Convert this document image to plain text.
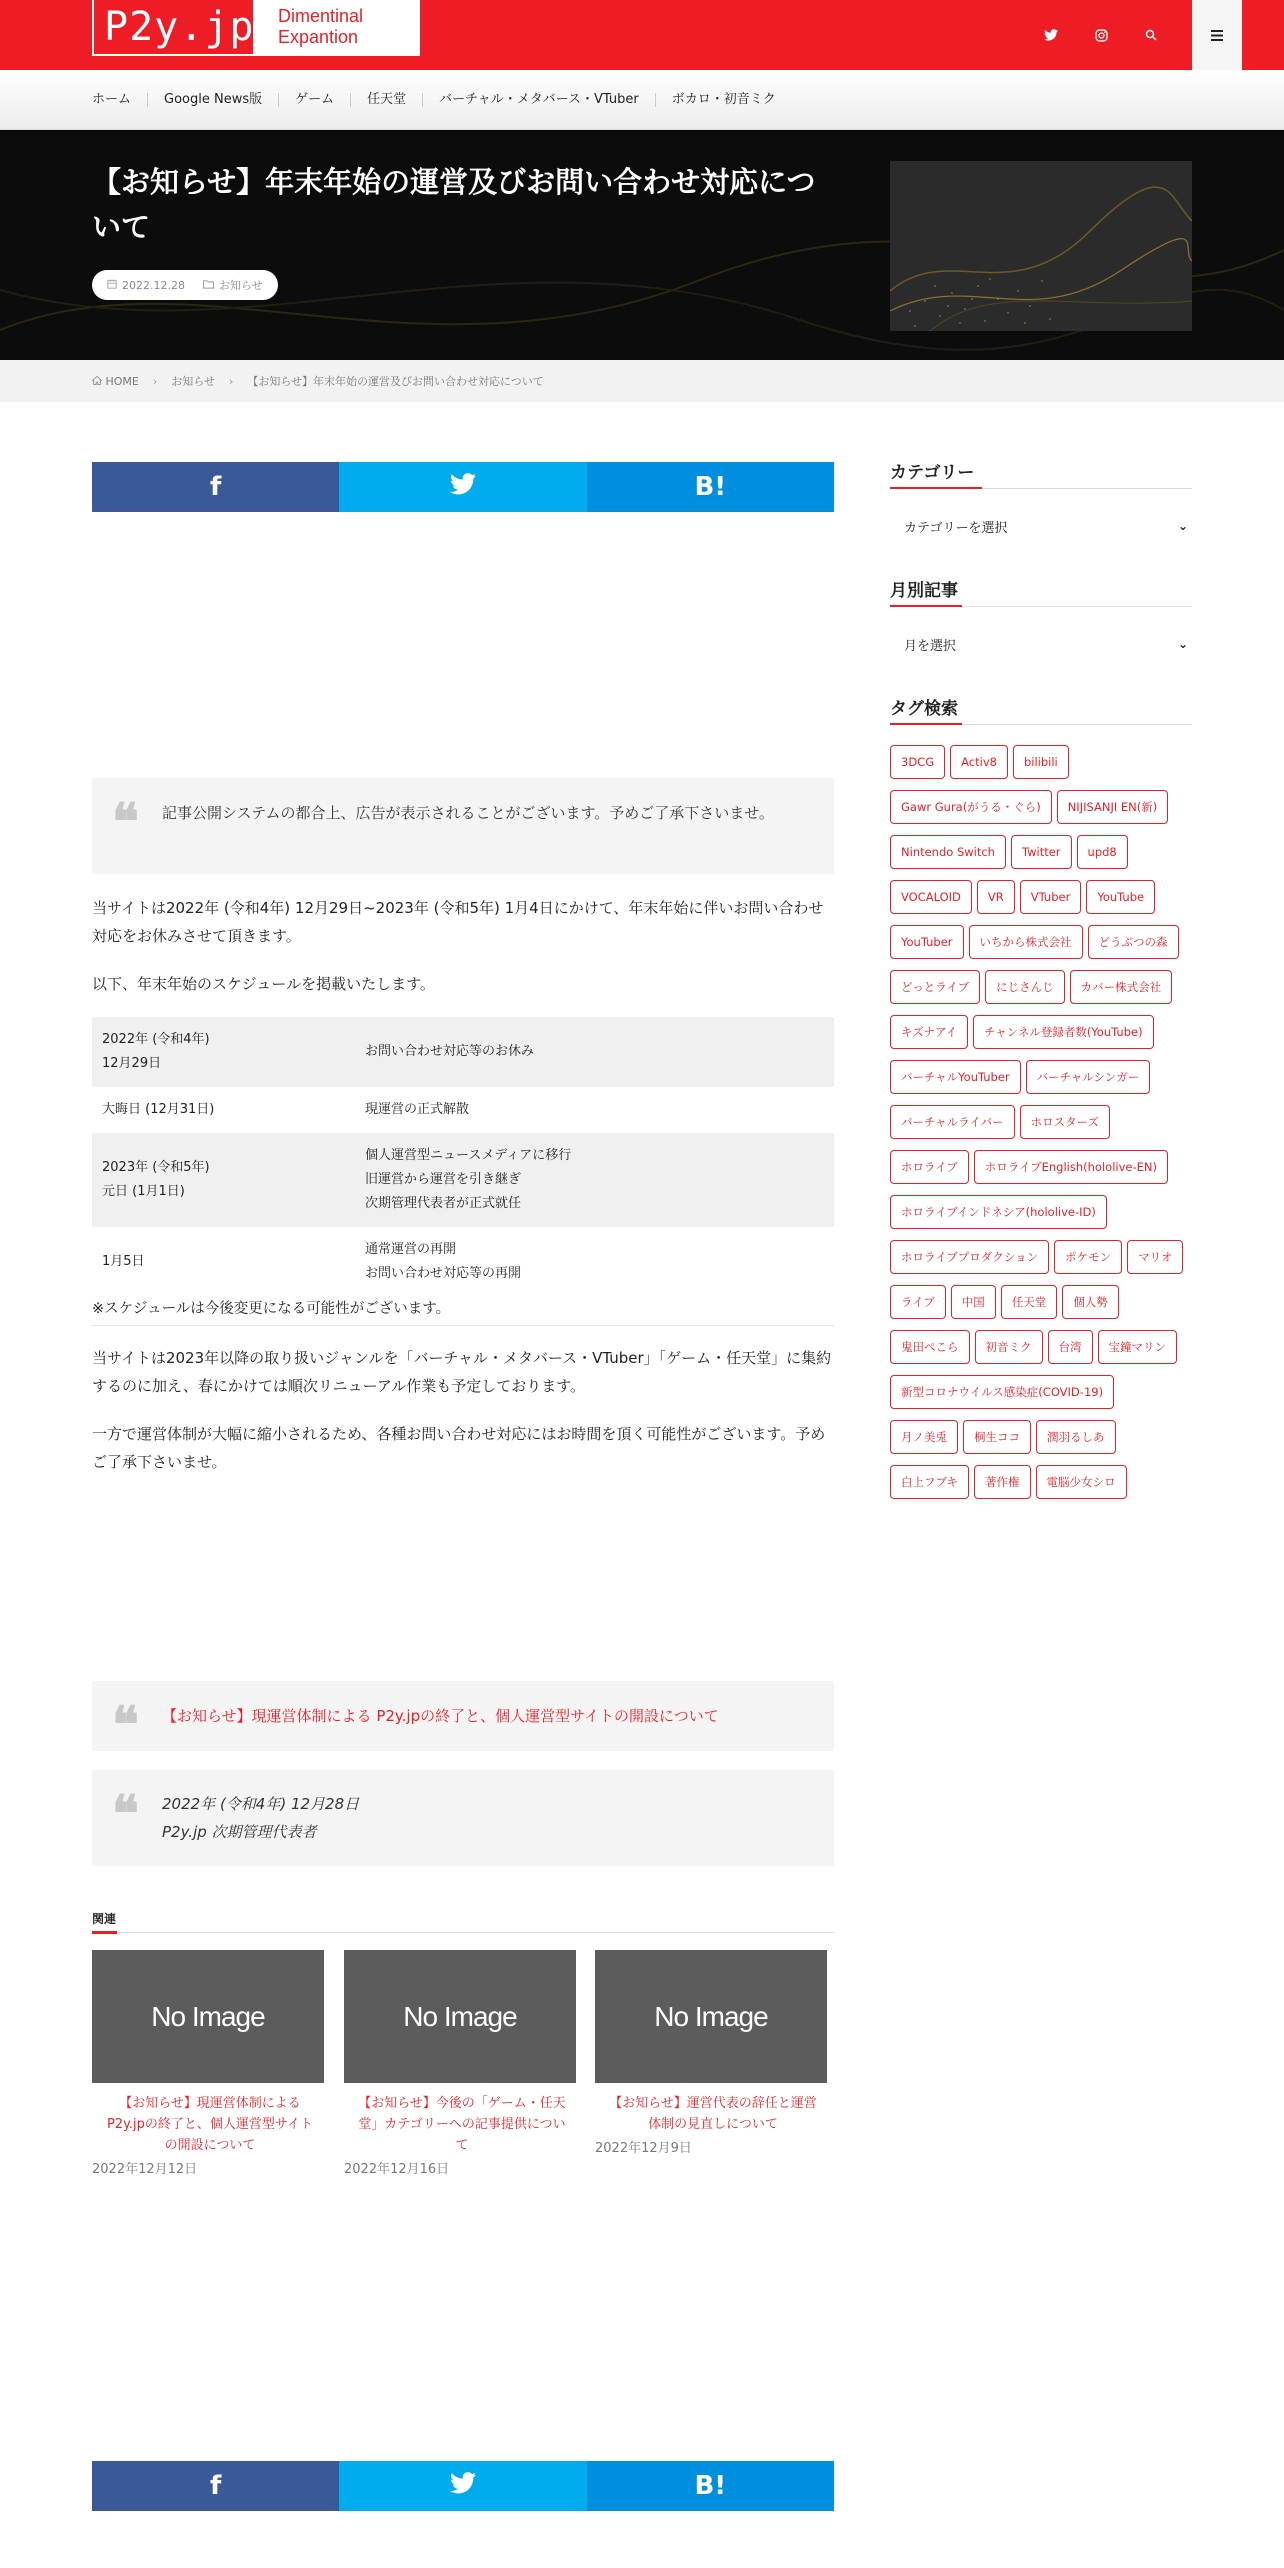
P2y.jp Dimentinal
Expantion
ホーム	Google News版	ゲーム	任天堂	バーチャル・メタバース・VTuber	ボカロ・初音ミク
【お知らせ】年末年始の運営及びお問い合わせ対応について
2022.12.28	お知らせ
HOME › お知らせ › 【お知らせ】年末年始の運営及びお問い合わせ対応について
f	B!
❝ 記事公開システムの都合上、広告が表示されることがございます。予めご了承下さいませ。

当サイトは2022年 (令和4年) 12月29日~2023年 (令和5年) 1月4日にかけて、年末年始に伴いお問い合わせ対応をお休みさせて頂きます。

以下、年末年始のスケジュールを掲載いたします。

2022年 (令和4年)
12月29日	お問い合わせ対応等のお休み
大晦日 (12月31日)	現運営の正式解散
2023年 (令和5年)
元日 (1月1日)	個人運営型ニュースメディアに移行
旧運営から運営を引き継ぎ
次期管理代表者が正式就任
1月5日	通常運営の再開
お問い合わせ対応等の再開

※スケジュールは今後変更になる可能性がございます。

当サイトは2023年以降の取り扱いジャンルを「バーチャル・メタバース・VTuber」「ゲーム・任天堂」に集約するのに加え、春にかけては順次リニューアル作業も予定しております。

一方で運営体制が大幅に縮小されるため、各種お問い合わせ対応にはお時間を頂く可能性がございます。予めご了承下さいませ。

❝ 【お知らせ】現運営体制による P2y.jpの終了と、個人運営型サイトの開設について
❝ 2022年 (令和4年) 12月28日
P2y.jp 次期管理代表者
関連
No Image
【お知らせ】現運営体制による P2y.jpの終了と、個人運営型サイトの開設について
2022年12月12日
No Image
【お知らせ】今後の「ゲーム・任天堂」カテゴリーへの記事提供について
2022年12月16日
No Image
【お知らせ】運営代表の辞任と運営体制の見直しについて
2022年12月9日
f	B!
カテゴリー
カテゴリーを選択	⌄
月別記事
月を選択	⌄
タグ検索
3DCG	Activ8	bilibili
Gawr Gura(がうる・ぐら)	NIJISANJI EN(新)
Nintendo Switch	Twitter	upd8
VOCALOID	VR	VTuber	YouTube
YouTuber	いちから株式会社	どうぶつの森
どっとライブ	にじさんじ	カバー株式会社
キズナアイ	チャンネル登録者数(YouTube)
バーチャルYouTuber	バーチャルシンガー
バーチャルライバー	ホロスターズ
ホロライブ	ホロライブEnglish(hololive-EN)
ホロライブインドネシア(hololive-ID)
ホロライブプロダクション	ポケモン	マリオ
ライブ	中国	任天堂	個人勢
鬼田ぺこら	初音ミク	台湾	宝鐘マリン
新型コロナウイルス感染症(COVID-19)
月ノ美兎	桐生ココ	潤羽るしあ
白上フブキ	著作権	電脳少女シロ
